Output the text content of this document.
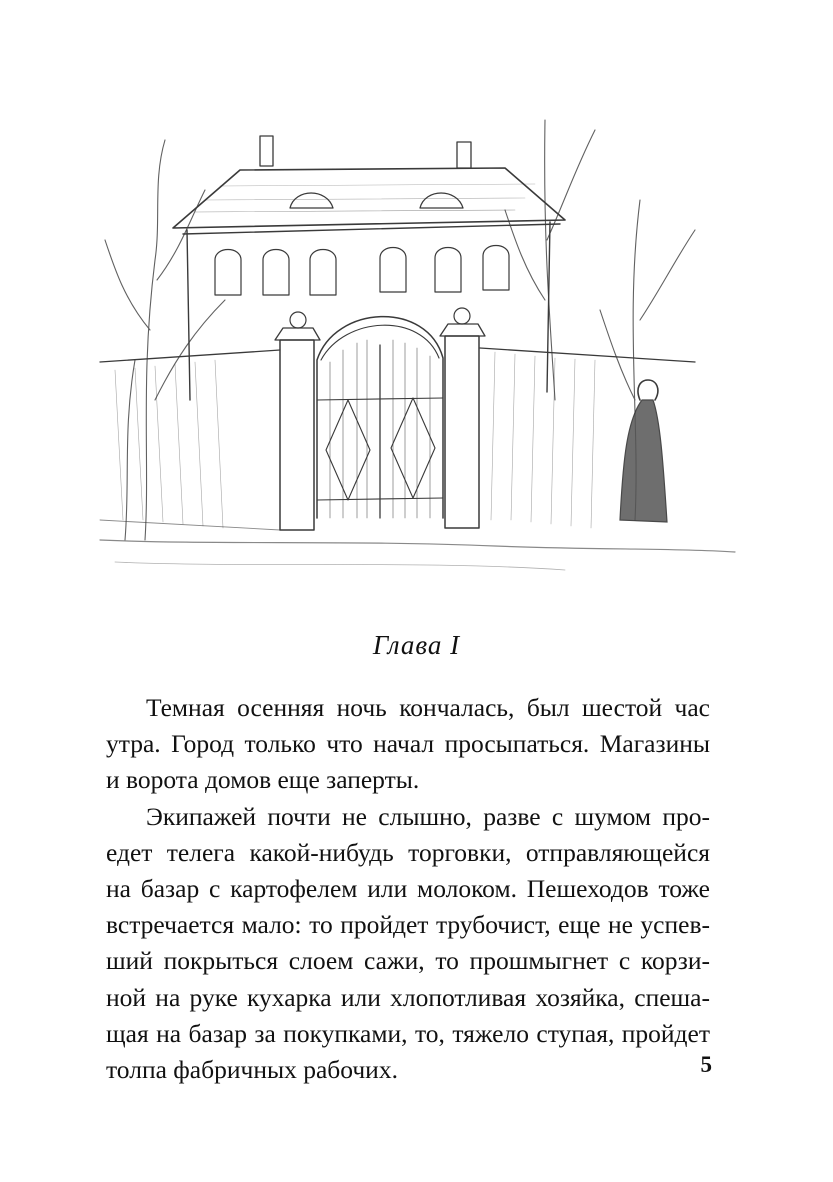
Глава I

Темная осенняя ночь кончалась, был шестой час
утра. Город только что начал просыпаться. Магазины
и ворота домов еще заперты.

Экипажей почти не слышно, разве с шумом про-
едет телега какой-нибудь торговки, отправляющейся
на базар с картофелем или молоком. Пешеходов тоже
встречается мало: то пройдет трубочист, еще не успев-
ший покрыться слоем сажи, то прошмыгнет с корзи-
ной на руке кухарка или хлопотливая хозяйка, спеша-
щая на базар за покупками, то, тяжело ступая, пройдет
толпа фабричных рабочих.	5
